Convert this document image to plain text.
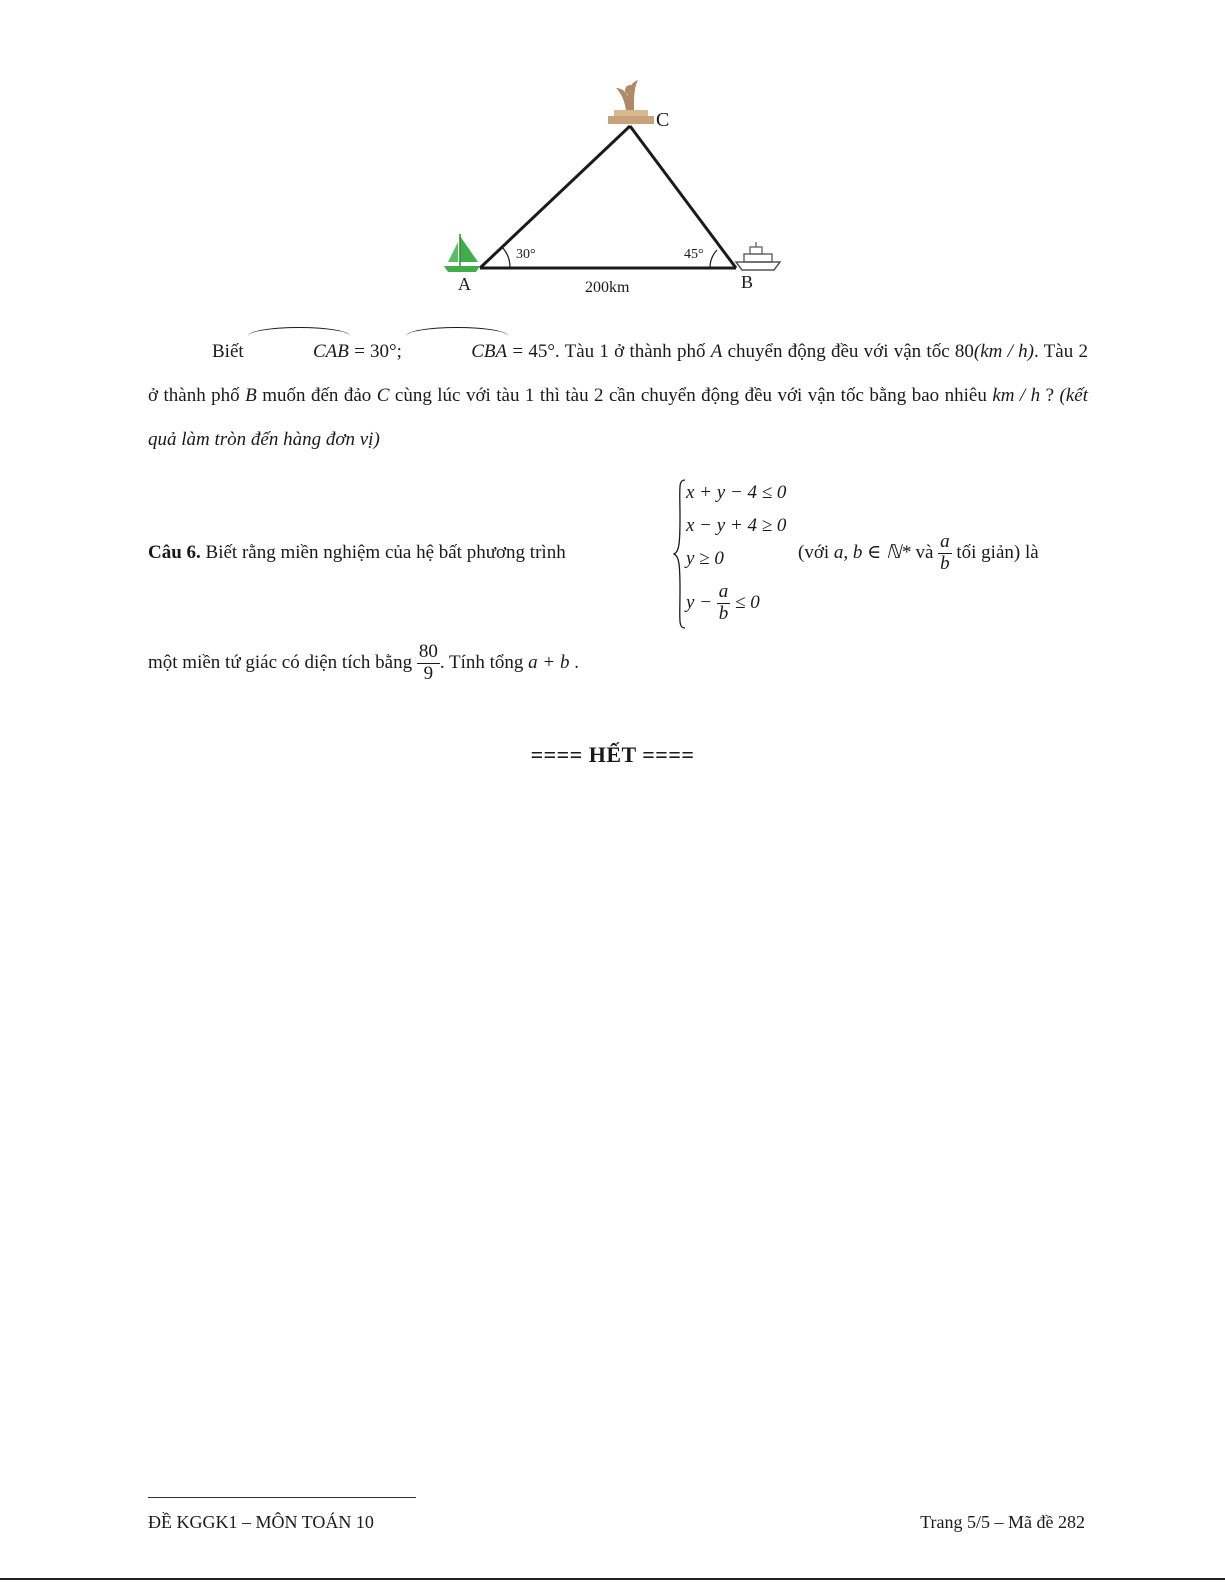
C
A	B
30°	45°
200km

Biết	CAB = 30°;	CBA = 45°. Tàu 1 ở thành phố A chuyển động đều với vận tốc 80(km / h). Tàu 2 ở thành phố B muốn đến đảo C cùng lúc với tàu 1 thì tàu 2 cần chuyển động đều với vận tốc bằng bao nhiêu km / h ? (kết quả làm tròn đến hàng đơn vị)

Câu 6. Biết rằng miền nghiệm của hệ bất phương trình
x + y − 4 ≤ 0
x − y + 4 ≥ 0
y ≥ 0
$y - \frac{a}{b} \le 0$
(với a, b ∈ ℕ* và $\frac{a}{b}$ tối giản) là
một miền tứ giác có diện tích bằng $\frac{80}{9}$ . Tính tổng a + b .
==== HẾT ====
ĐỀ KGGK1 – MÔN TOÁN 10	Trang 5/5 – Mã đề 282
